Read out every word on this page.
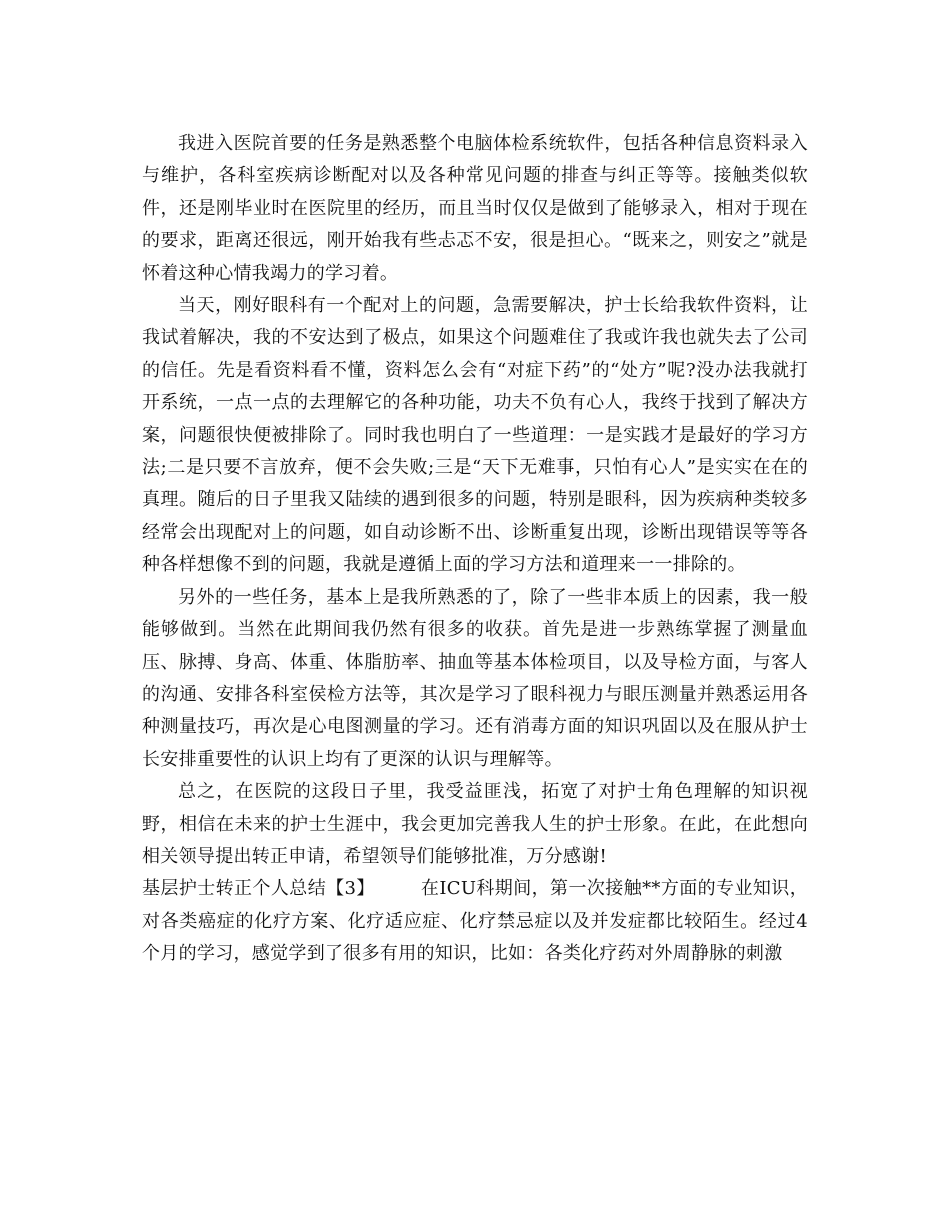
我进入医院首要的任务是熟悉整个电脑体检系统软件，包括各种信息资料录入与维护，各科室疾病诊断配对以及各种常见问题的排查与纠正等等。接触类似软件，还是刚毕业时在医院里的经历，而且当时仅仅是做到了能够录入，相对于现在的要求，距离还很远，刚开始我有些忐忑不安，很是担心。“既来之，则安之”就是怀着这种心情我竭力的学习着。

当天，刚好眼科有一个配对上的问题，急需要解决，护士长给我软件资料，让我试着解决，我的不安达到了极点，如果这个问题难住了我或许我也就失去了公司的信任。先是看资料看不懂，资料怎么会有“对症下药”的“处方”呢?没办法我就打开系统，一点一点的去理解它的各种功能，功夫不负有心人，我终于找到了解决方案，问题很快便被排除了。同时我也明白了一些道理：一是实践才是最好的学习方法;二是只要不言放弃，便不会失败;三是“天下无难事，只怕有心人”是实实在在的真理。随后的日子里我又陆续的遇到很多的问题，特别是眼科，因为疾病种类较多经常会出现配对上的问题，如自动诊断不出、诊断重复出现，诊断出现错误等等各种各样想像不到的问题，我就是遵循上面的学习方法和道理来一一排除的。

另外的一些任务，基本上是我所熟悉的了，除了一些非本质上的因素，我一般能够做到。当然在此期间我仍然有很多的收获。首先是进一步熟练掌握了测量血压、脉搏、身高、体重、体脂肪率、抽血等基本体检项目，以及导检方面，与客人的沟通、安排各科室侯检方法等，其次是学习了眼科视力与眼压测量并熟悉运用各种测量技巧，再次是心电图测量的学习。还有消毒方面的知识巩固以及在服从护士长安排重要性的认识上均有了更深的认识与理解等。

总之，在医院的这段日子里，我受益匪浅，拓宽了对护士角色理解的知识视野，相信在未来的护士生涯中，我会更加完善我人生的护士形象。在此，在此想向相关领导提出转正申请，希望领导们能够批准，万分感谢!

基层护士转正个人总结【3】	在ICU科期间，第一次接触**方面的专业知识，对各类癌症的化疗方案、化疗适应症、化疗禁忌症以及并发症都比较陌生。经过4个月的学习，感觉学到了很多有用的知识，比如：各类化疗药对外周静脉的刺激
